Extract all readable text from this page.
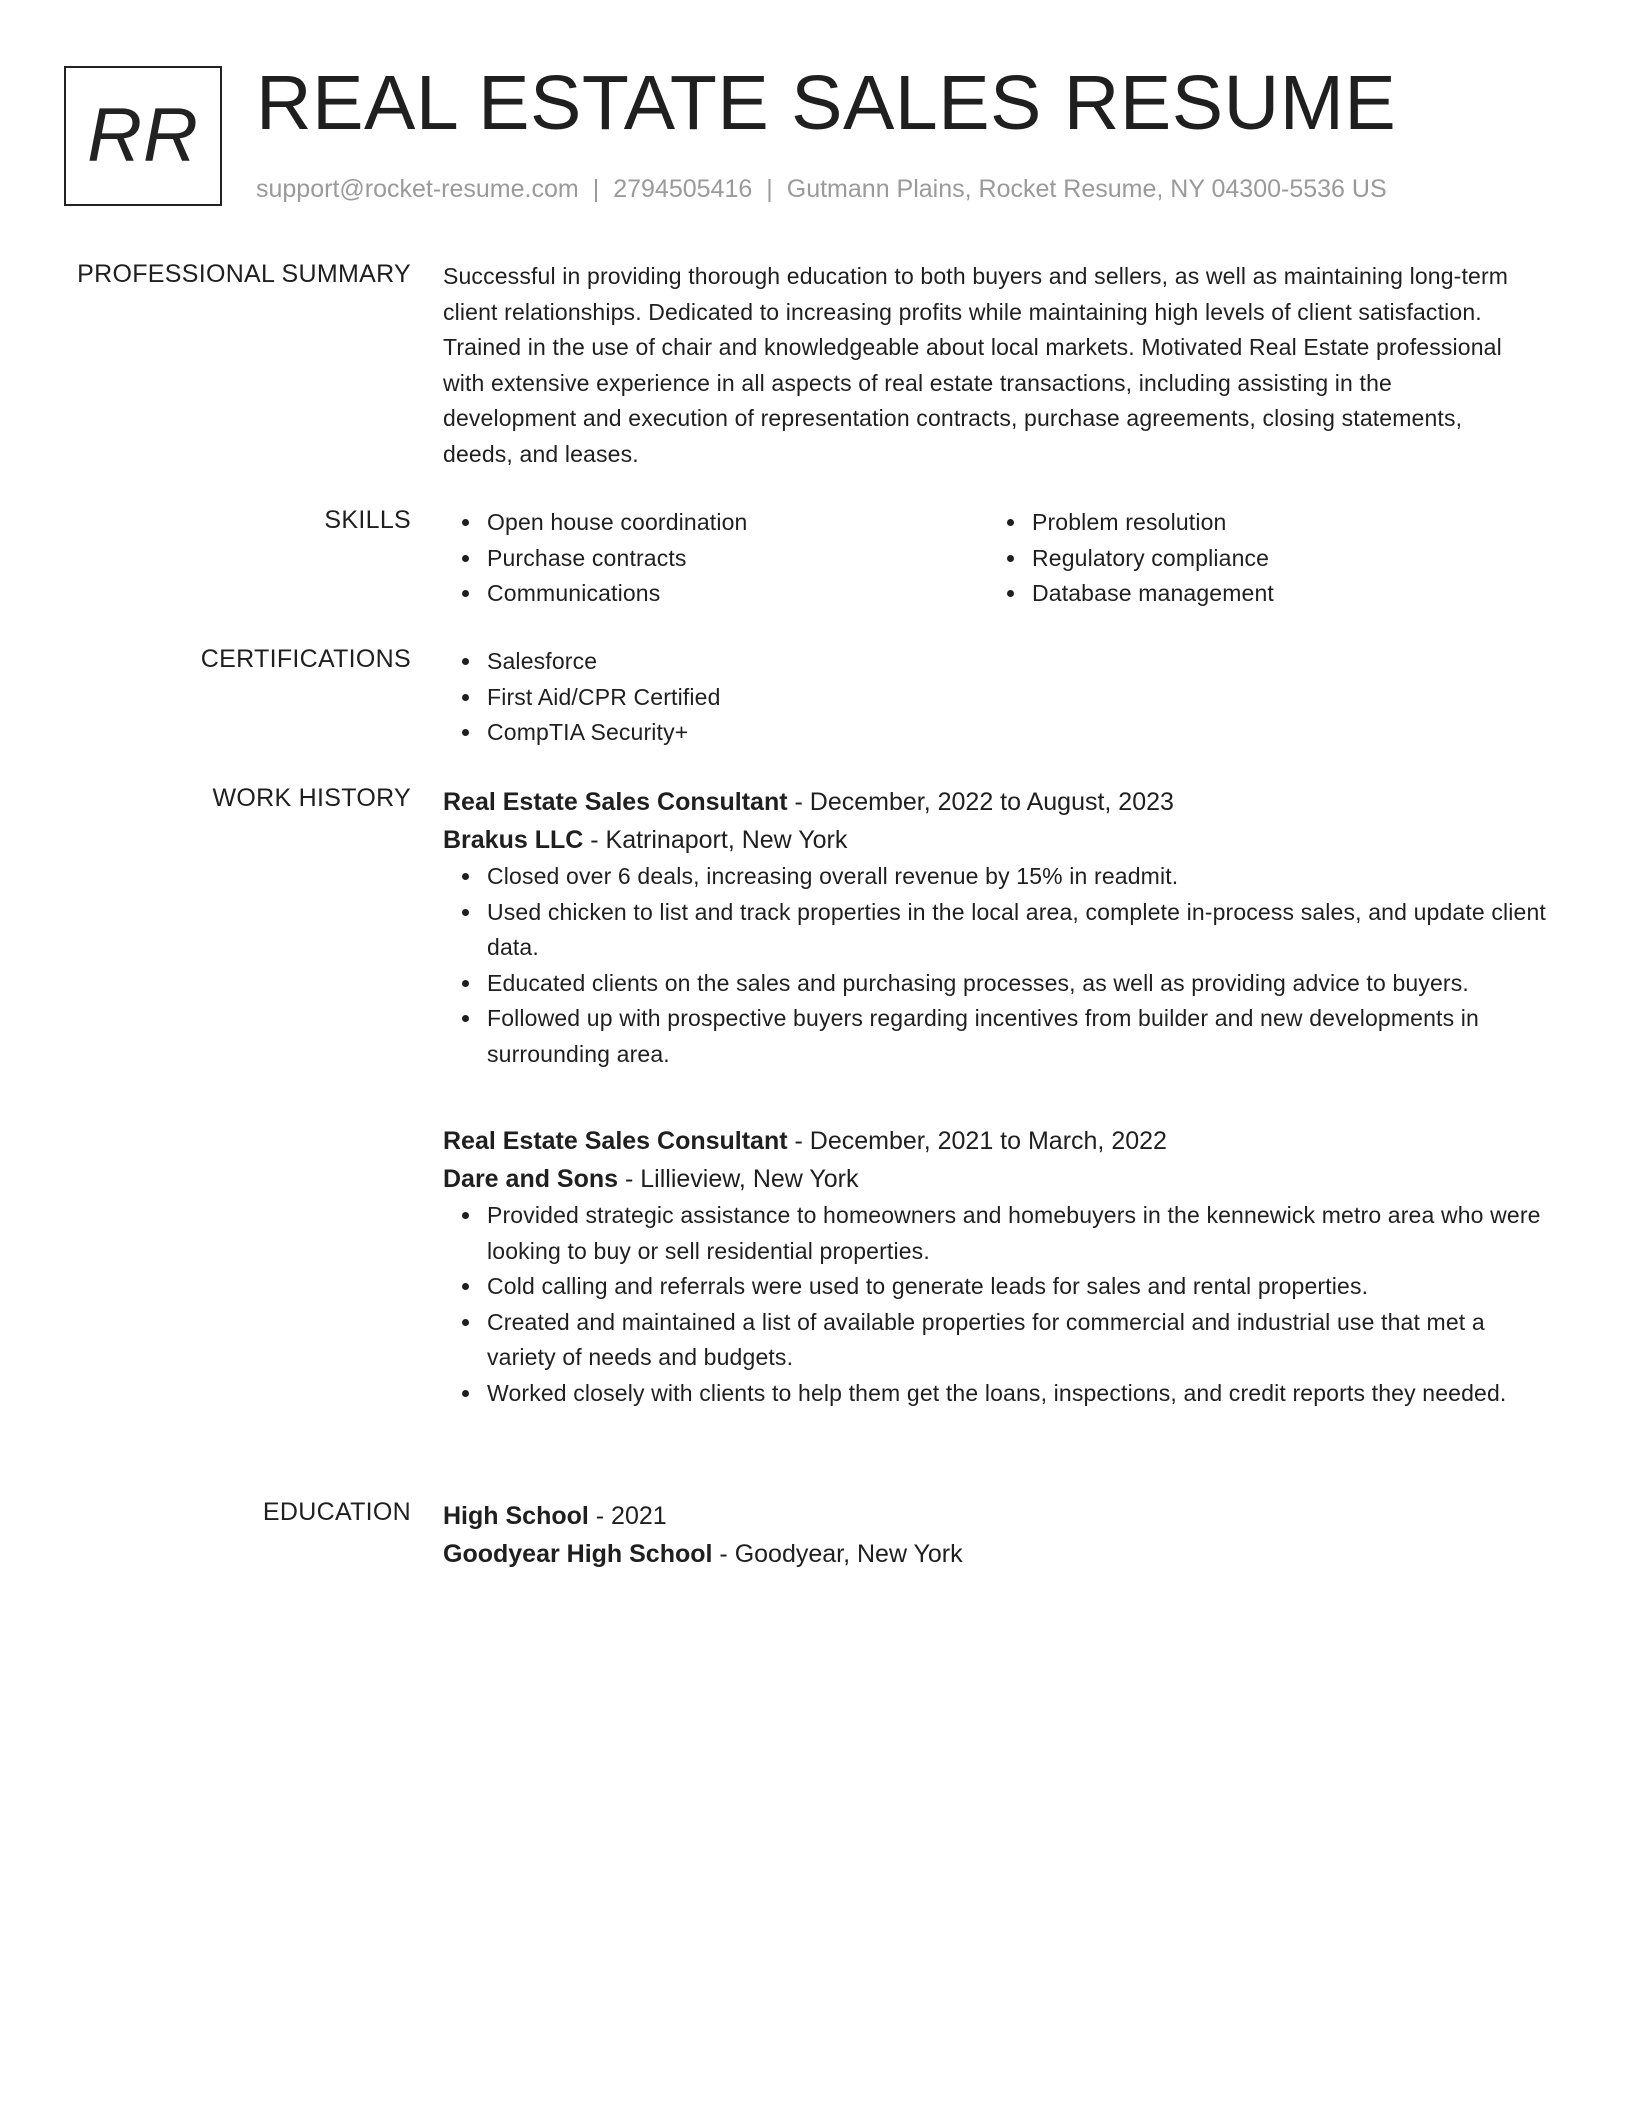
RR REAL ESTATE SALES RESUME
support@rocket-resume.com | 2794505416 | Gutmann Plains, Rocket Resume, NY 04300-5536 US
PROFESSIONAL SUMMARY Successful in providing thorough education to both buyers and sellers, as well as maintaining long-term client relationships. Dedicated to increasing profits while maintaining high levels of client satisfaction. Trained in the use of chair and knowledgeable about local markets. Motivated Real Estate professional with extensive experience in all aspects of real estate transactions, including assisting in the development and execution of representation contracts, purchase agreements, closing statements, deeds, and leases.

SKILLS	Open house coordination
Purchase contracts
Communications
Problem resolution
Regulatory compliance
Database management
CERTIFICATIONS	Salesforce
First Aid/CPR Certified
CompTIA Security+
WORK HISTORY Real Estate Sales Consultant - December, 2022 to August, 2023
Brakus LLC - Katrinaport, New York
Closed over 6 deals, increasing overall revenue by 15% in readmit.
Used chicken to list and track properties in the local area, complete in-process sales, and update client data.
Educated clients on the sales and purchasing processes, as well as providing advice to buyers.
Followed up with prospective buyers regarding incentives from builder and new developments in surrounding area.
Real Estate Sales Consultant - December, 2021 to March, 2022
Dare and Sons - Lillieview, New York
Provided strategic assistance to homeowners and homebuyers in the kennewick metro area who were looking to buy or sell residential properties.
Cold calling and referrals were used to generate leads for sales and rental properties.
Created and maintained a list of available properties for commercial and industrial use that met a variety of needs and budgets.
Worked closely with clients to help them get the loans, inspections, and credit reports they needed.
EDUCATION High School - 2021
Goodyear High School - Goodyear, New York
